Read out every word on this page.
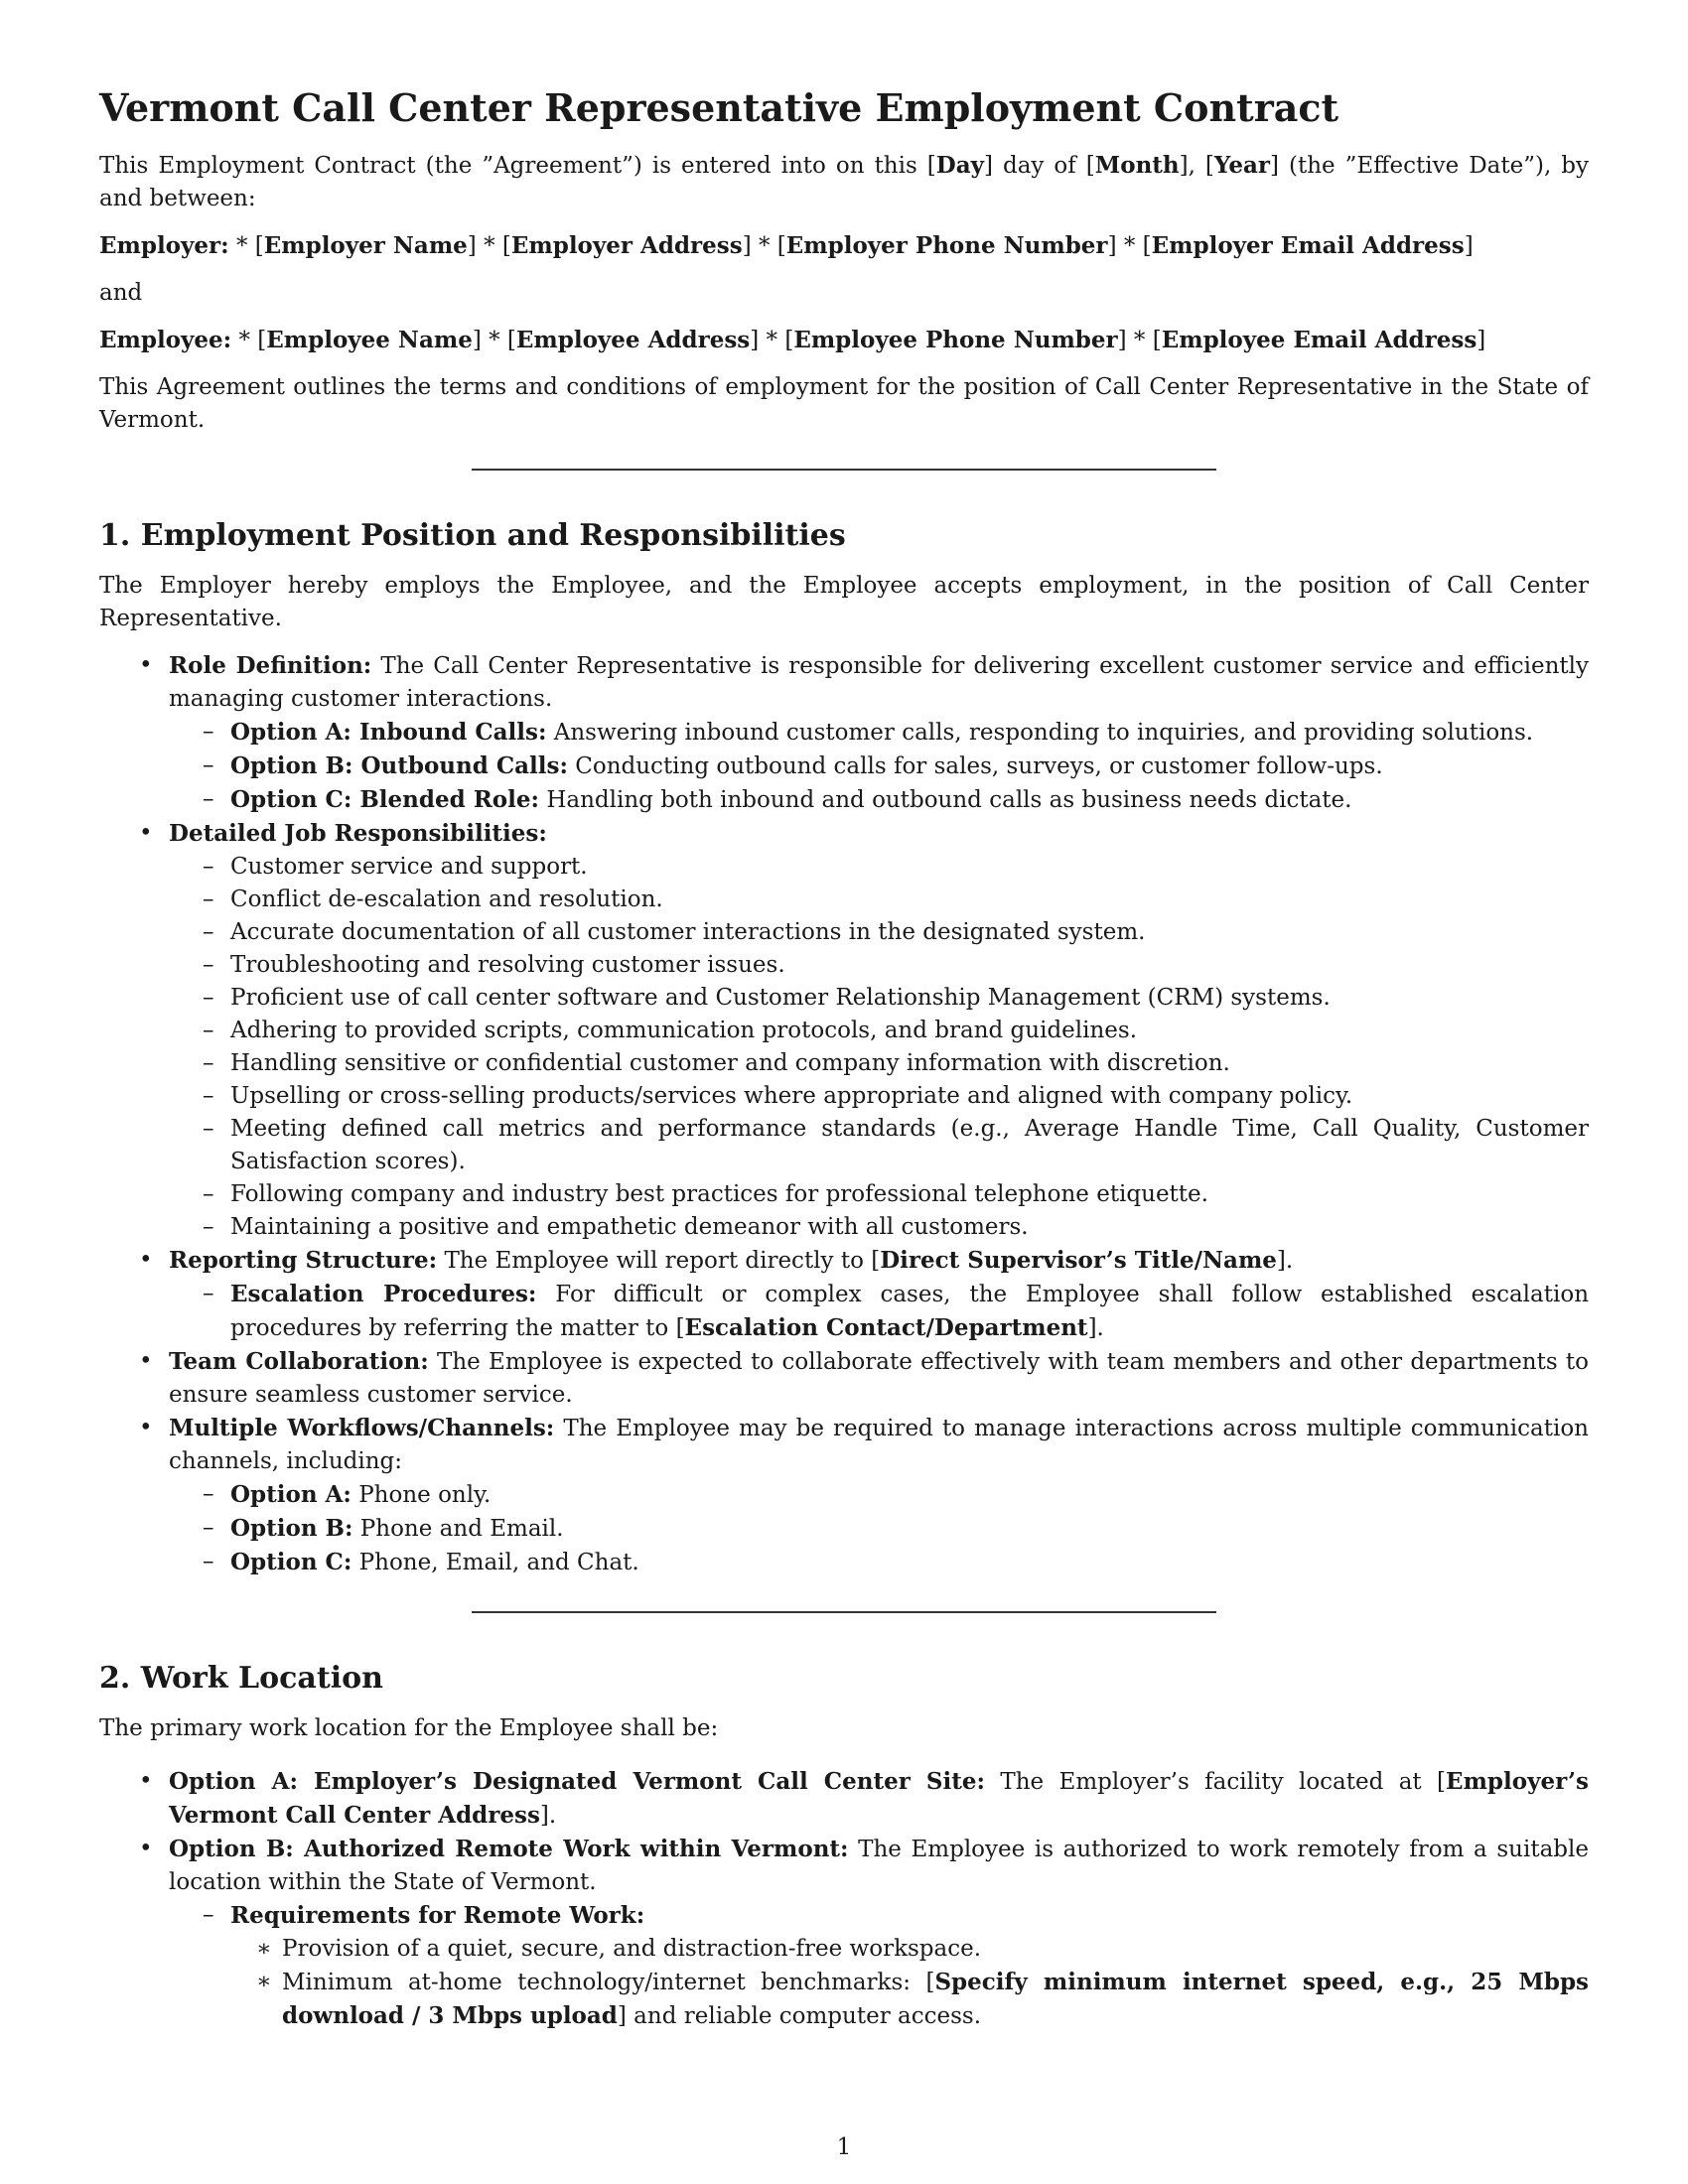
Vermont Call Center Representative Employment Contract

This Employment Contract (the ”Agreement”) is entered into on this [Day] day of [Month], [Year] (the ”Effective Date”), by and between:

Employer: * [Employer Name] * [Employer Address] * [Employer Phone Number] * [Employer Email Address]

and

Employee: * [Employee Name] * [Employee Address] * [Employee Phone Number] * [Employee Email Address]

This Agreement outlines the terms and conditions of employment for the position of Call Center Representative in the State of Vermont.

1. Employment Position and Responsibilities

The Employer hereby employs the Employee, and the Employee accepts employment, in the position of Call Center Representative.

• Role Definition: The Call Center Representative is responsible for delivering excellent customer service and efficiently managing customer interactions.
– Option A: Inbound Calls: Answering inbound customer calls, responding to inquiries, and providing solutions.
– Option B: Outbound Calls: Conducting outbound calls for sales, surveys, or customer follow-ups.
– Option C: Blended Role: Handling both inbound and outbound calls as business needs dictate.
• Detailed Job Responsibilities:
– Customer service and support.
– Conflict de-escalation and resolution.
– Accurate documentation of all customer interactions in the designated system.
– Troubleshooting and resolving customer issues.
– Proficient use of call center software and Customer Relationship Management (CRM) systems.
– Adhering to provided scripts, communication protocols, and brand guidelines.
– Handling sensitive or confidential customer and company information with discretion.
– Upselling or cross-selling products/services where appropriate and aligned with company policy.
– Meeting defined call metrics and performance standards (e.g., Average Handle Time, Call Quality, Customer Satisfaction scores).
– Following company and industry best practices for professional telephone etiquette.
– Maintaining a positive and empathetic demeanor with all customers.
• Reporting Structure: The Employee will report directly to [Direct Supervisor’s Title/Name].
– Escalation Procedures: For difficult or complex cases, the Employee shall follow established escalation procedures by referring the matter to [Escalation Contact/Department].
• Team Collaboration: The Employee is expected to collaborate effectively with team members and other departments to ensure seamless customer service.
• Multiple Workflows/Channels: The Employee may be required to manage interactions across multiple communication channels, including:
– Option A: Phone only.
– Option B: Phone and Email.
– Option C: Phone, Email, and Chat.
2. Work Location

The primary work location for the Employee shall be:

• Option A: Employer’s Designated Vermont Call Center Site: The Employer’s facility located at [Employer’s Vermont Call Center Address].
• Option B: Authorized Remote Work within Vermont: The Employee is authorized to work remotely from a suitable location within the State of Vermont.
– Requirements for Remote Work:
∗ Provision of a quiet, secure, and distraction-free workspace.
∗ Minimum at-home technology/internet benchmarks: [Specify minimum internet speed, e.g., 25 Mbps download / 3 Mbps upload] and reliable computer access.
1
